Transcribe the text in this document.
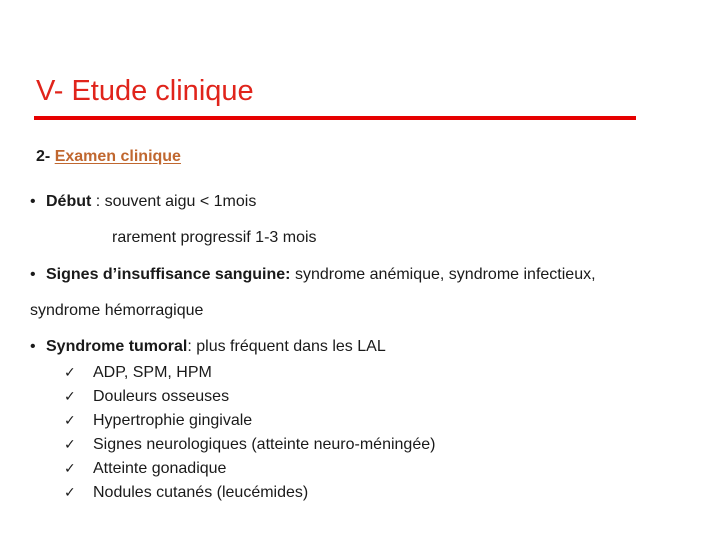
V- Etude clinique
2- Examen clinique
• Début : souvent aigu < 1mois
rarement progressif 1-3 mois
• Signes d’insuffisance sanguine: syndrome anémique, syndrome infectieux,
syndrome hémorragique
• Syndrome tumoral: plus fréquent dans les LAL
✓ ADP, SPM, HPM
✓ Douleurs osseuses
✓ Hypertrophie gingivale
✓ Signes neurologiques (atteinte neuro-méningée)
✓ Atteinte gonadique
✓ Nodules cutanés (leucémides)
